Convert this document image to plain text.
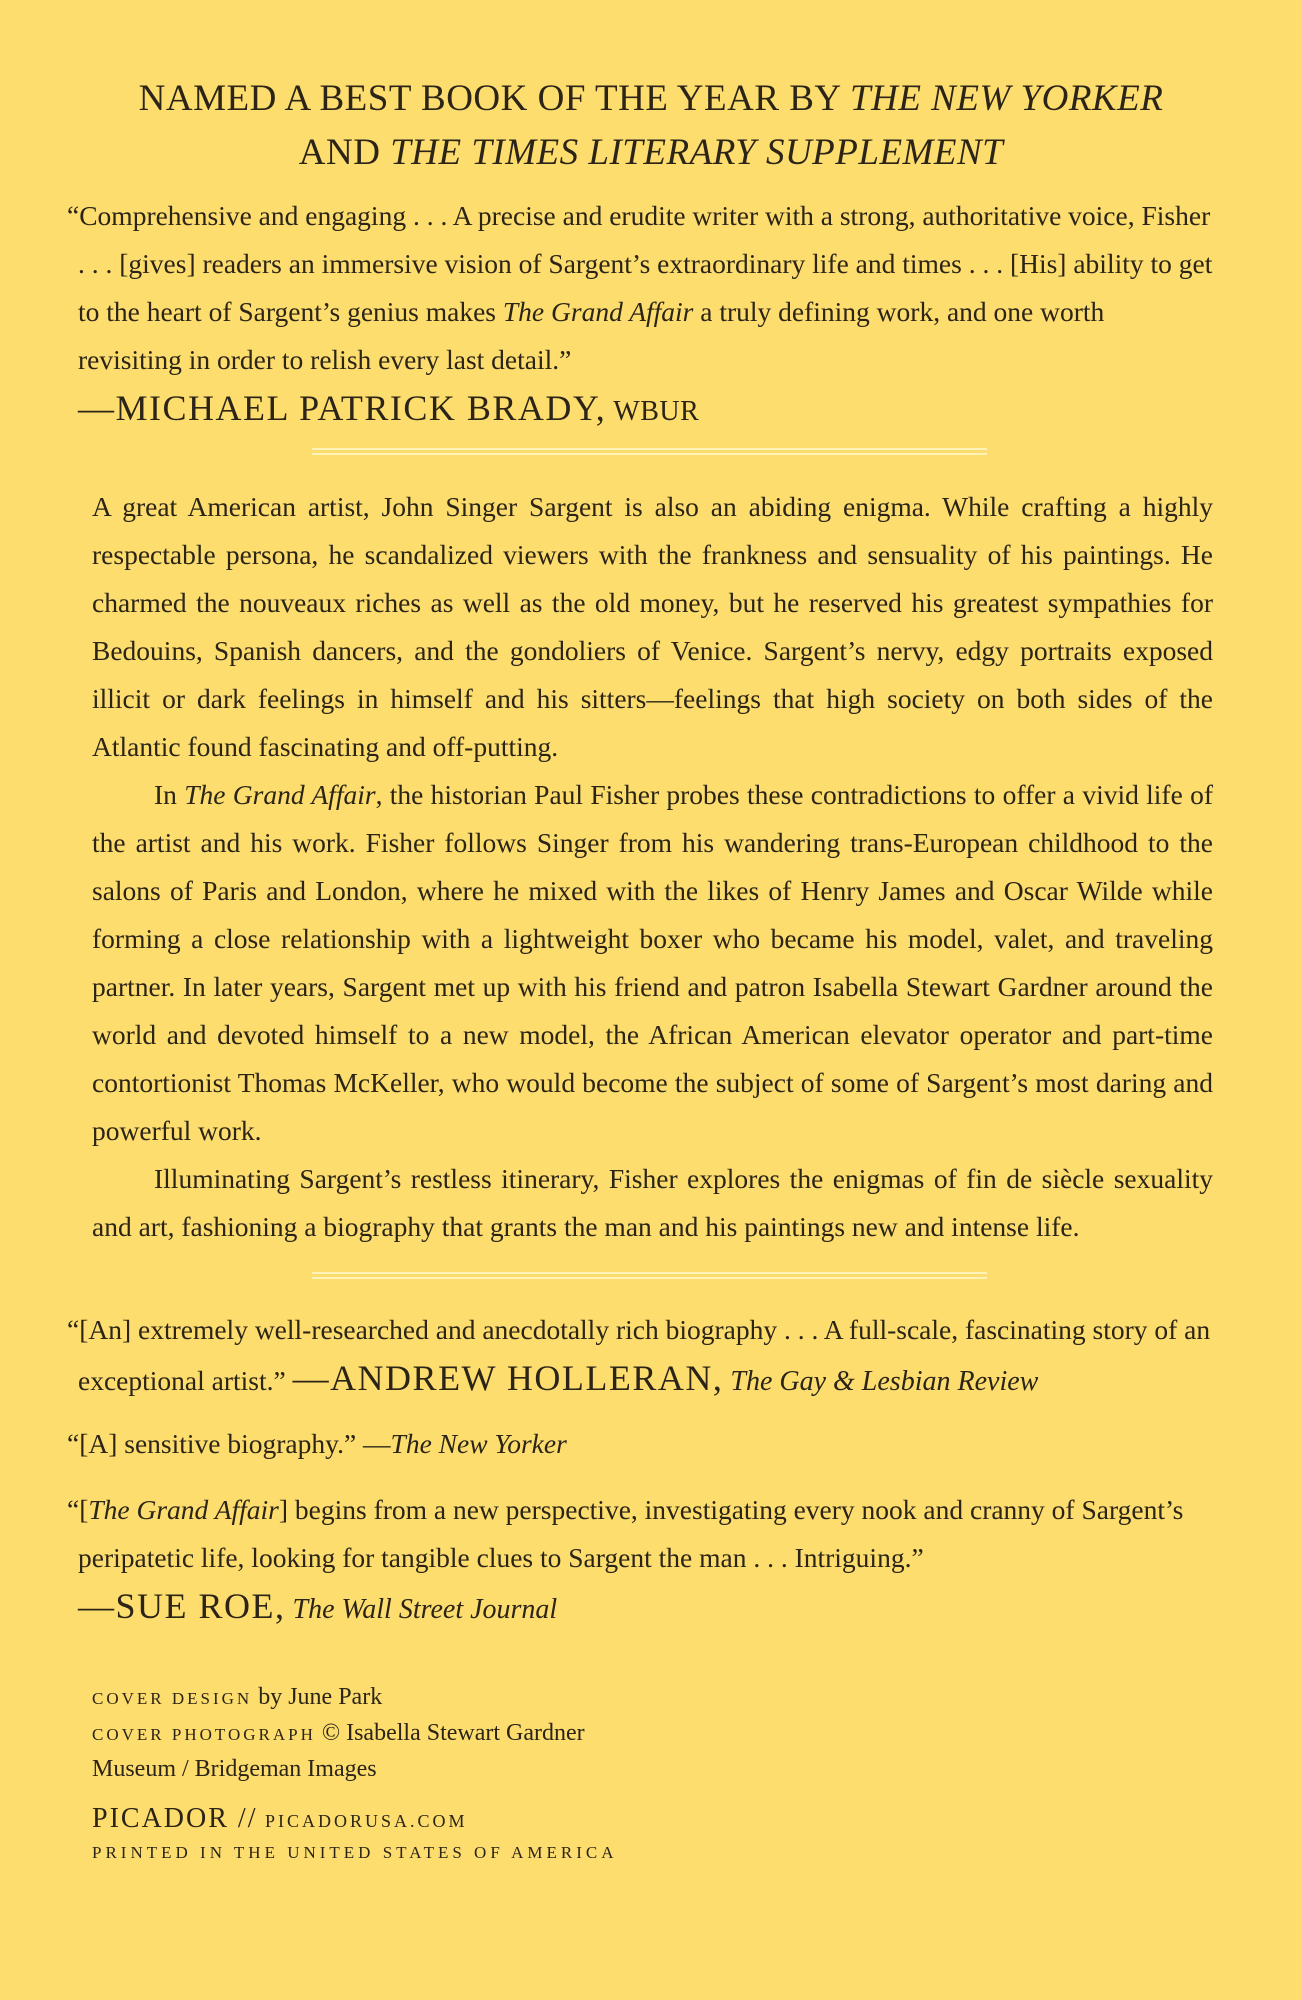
NAMED A BEST BOOK OF THE YEAR BY THE NEW YORKER
AND THE TIMES LITERARY SUPPLEMENT

“Comprehensive and engaging . . . A precise and erudite writer with a strong, authoritative voice, Fisher . . . [gives] readers an immersive vision of Sargent’s extraordinary life and times . . . [His] ability to get to the heart of Sargent’s genius makes The Grand Affair a truly defining work, and one worth revisiting in order to relish every last detail.”

—MICHAEL PATRICK BRADY, WBUR

A great American artist, John Singer Sargent is also an abiding enigma. While crafting a highly respectable persona, he scandalized viewers with the frankness and sensuality of his paintings. He charmed the nouveaux riches as well as the old money, but he reserved his greatest sympathies for Bedouins, Spanish dancers, and the gondoliers of Venice. Sargent’s nervy, edgy portraits exposed illicit or dark feelings in himself and his sitters—feelings that high society on both sides of the Atlantic found fascinating and off-putting.

In The Grand Affair, the historian Paul Fisher probes these contradictions to offer a vivid life of the artist and his work. Fisher follows Singer from his wandering trans-European childhood to the salons of Paris and London, where he mixed with the likes of Henry James and Oscar Wilde while forming a close relationship with a lightweight boxer who became his model, valet, and traveling partner. In later years, Sargent met up with his friend and patron Isabella Stewart Gardner around the world and devoted himself to a new model, the African American elevator operator and part-time contortionist Thomas McKeller, who would become the subject of some of Sargent’s most daring and powerful work.

Illuminating Sargent’s restless itinerary, Fisher explores the enigmas of fin de siècle sexuality and art, fashioning a biography that grants the man and his paintings new and intense life.

“[An] extremely well-researched and anecdotally rich biography . . . A full-scale, fascinating story of an exceptional artist.” —ANDREW HOLLERAN, The Gay & Lesbian Review

“[A] sensitive biography.” —The New Yorker

“[The Grand Affair] begins from a new perspective, investigating every nook and cranny of Sargent’s peripatetic life, looking for tangible clues to Sargent the man . . . Intriguing.”

—SUE ROE, The Wall Street Journal
COVER DESIGN by June Park
COVER PHOTOGRAPH © Isabella Stewart Gardner
Museum / Bridgeman Images
PICADOR // PICADORUSA.COM
PRINTED IN THE UNITED STATES OF AMERICA
